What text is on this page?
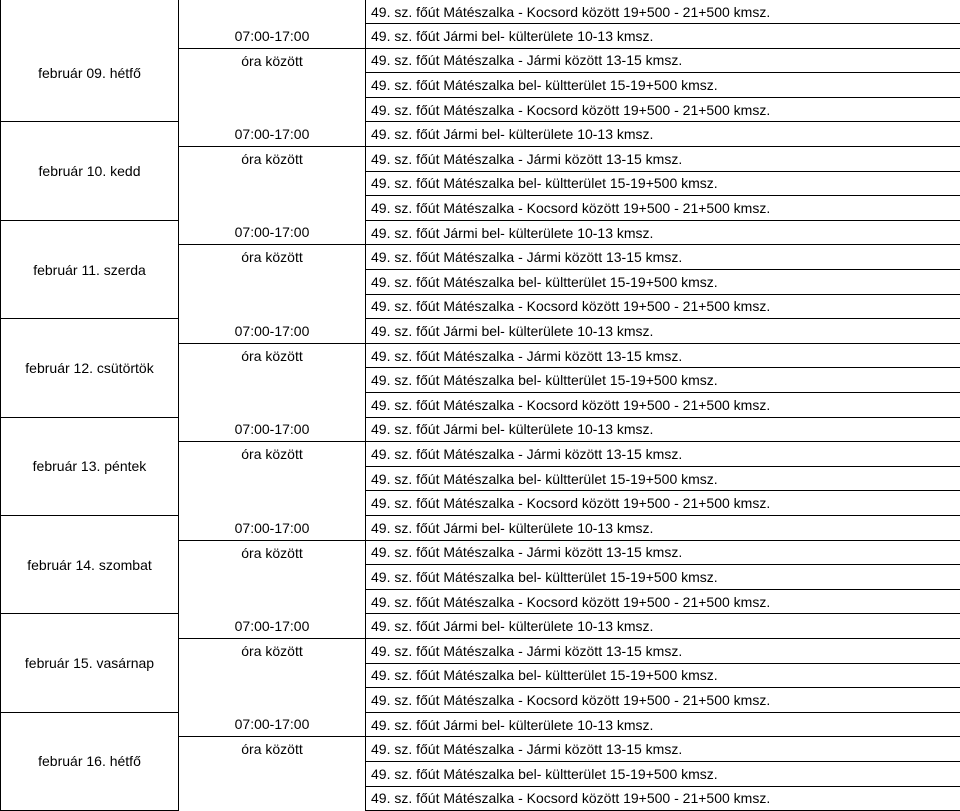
		49. sz. főút Mátészalka - Kocsord között 19+500 - 21+500 kmsz.
február 09. hétfő	07:00-17:00	49. sz. főút Jármi bel- külterülete 10-13 kmsz.
	óra között	49. sz. főút Mátészalka - Jármi között 13-15 kmsz.
		49. sz. főút Mátészalka bel- kültterület 15-19+500 kmsz.
		49. sz. főút Mátészalka - Kocsord között 19+500 - 21+500 kmsz.
február 10. kedd	07:00-17:00	49. sz. főút Jármi bel- külterülete 10-13 kmsz.
	óra között	49. sz. főút Mátészalka - Jármi között 13-15 kmsz.
		49. sz. főút Mátészalka bel- kültterület 15-19+500 kmsz.
		49. sz. főút Mátészalka - Kocsord között 19+500 - 21+500 kmsz.
február 11. szerda	07:00-17:00	49. sz. főút Jármi bel- külterülete 10-13 kmsz.
	óra között	49. sz. főút Mátészalka - Jármi között 13-15 kmsz.
		49. sz. főút Mátészalka bel- kültterület 15-19+500 kmsz.
		49. sz. főút Mátészalka - Kocsord között 19+500 - 21+500 kmsz.
február 12. csütörtök	07:00-17:00	49. sz. főút Jármi bel- külterülete 10-13 kmsz.
	óra között	49. sz. főút Mátészalka - Jármi között 13-15 kmsz.
		49. sz. főút Mátészalka bel- kültterület 15-19+500 kmsz.
		49. sz. főút Mátészalka - Kocsord között 19+500 - 21+500 kmsz.
február 13. péntek	07:00-17:00	49. sz. főút Jármi bel- külterülete 10-13 kmsz.
	óra között	49. sz. főút Mátészalka - Jármi között 13-15 kmsz.
		49. sz. főút Mátészalka bel- kültterület 15-19+500 kmsz.
		49. sz. főút Mátészalka - Kocsord között 19+500 - 21+500 kmsz.
február 14. szombat	07:00-17:00	49. sz. főút Jármi bel- külterülete 10-13 kmsz.
	óra között	49. sz. főút Mátészalka - Jármi között 13-15 kmsz.
		49. sz. főút Mátészalka bel- kültterület 15-19+500 kmsz.
		49. sz. főút Mátészalka - Kocsord között 19+500 - 21+500 kmsz.
február 15. vasárnap	07:00-17:00	49. sz. főút Jármi bel- külterülete 10-13 kmsz.
	óra között	49. sz. főút Mátészalka - Jármi között 13-15 kmsz.
		49. sz. főút Mátészalka bel- kültterület 15-19+500 kmsz.
		49. sz. főút Mátészalka - Kocsord között 19+500 - 21+500 kmsz.
február 16. hétfő	07:00-17:00	49. sz. főút Jármi bel- külterülete 10-13 kmsz.
	óra között	49. sz. főút Mátészalka - Jármi között 13-15 kmsz.
		49. sz. főút Mátészalka bel- kültterület 15-19+500 kmsz.
		49. sz. főút Mátészalka - Kocsord között 19+500 - 21+500 kmsz.
